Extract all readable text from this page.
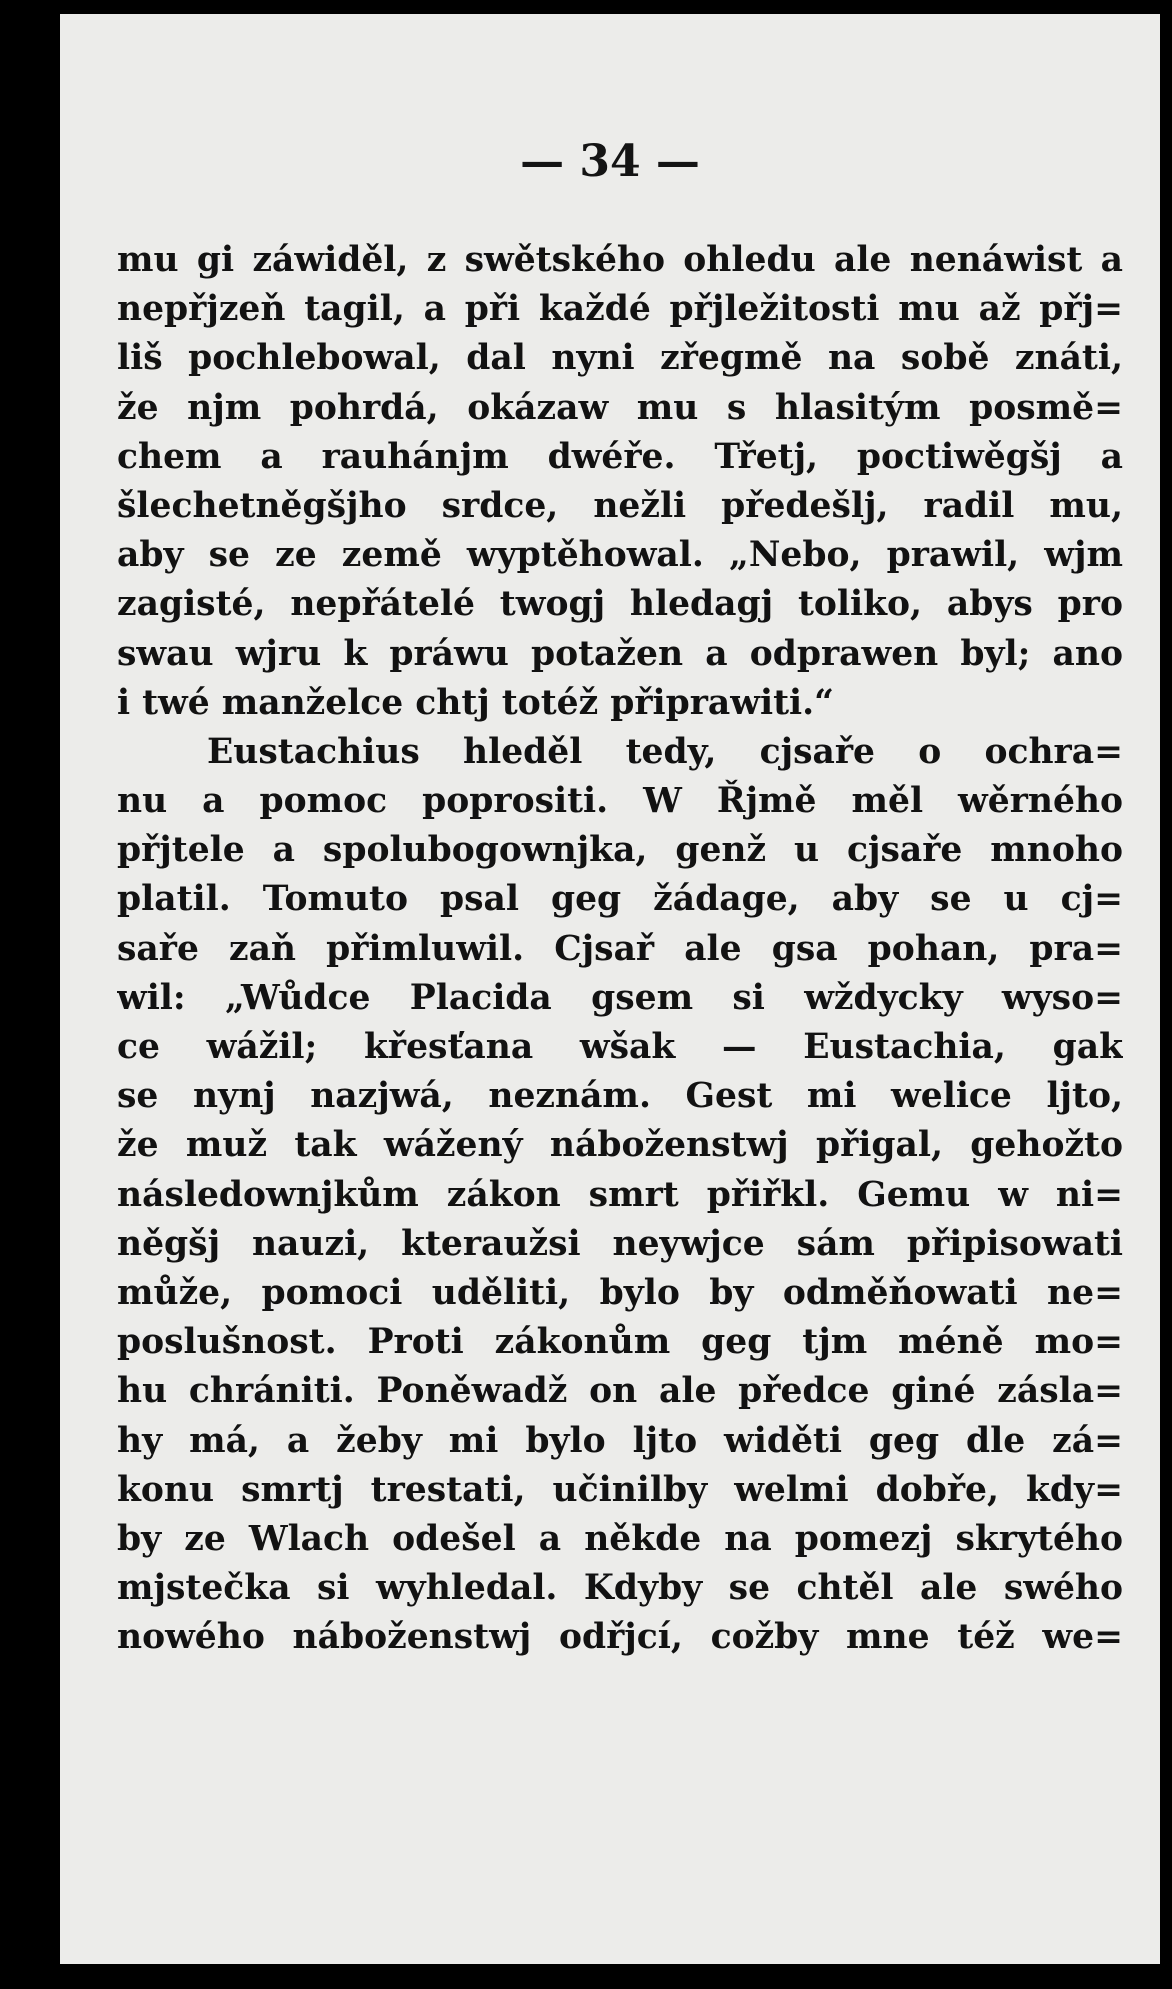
— 34 —
mu gi záwiděl, z swětského ohledu ale nenáwist a
nepřjzeň tagil, a při každé přjležitosti mu až přj=
liš pochlebowal, dal nyni zřegmě na sobě znáti,
že njm pohrdá, okázaw mu s hlasitým posmě=
chem a rauhánjm dwéře. Třetj, poctiwěgšj a
šlechetněgšjho srdce, nežli předešlj, radil mu,
aby se ze země wyptěhowal. „Nebo, prawil, wjm
zagisté, nepřátelé twogj hledagj toliko, abys pro
swau wjru k práwu potažen a odprawen byl; ano
i twé manželce chtj totéž připrawiti.“
Eustachius hleděl tedy, cjsaře o ochra=
nu a pomoc poprositi. W Řjmě měl wěrného
přjtele a spolubogownjka, genž u cjsaře mnoho
platil. Tomuto psal geg žádage, aby se u cj=
saře zaň přimluwil. Cjsař ale gsa pohan, pra=
wil: „Wůdce Placida gsem si wždycky wyso=
ce wážil; křesťana wšak — Eustachia, gak
se nynj nazjwá, neznám. Gest mi welice ljto,
že muž tak wážený náboženstwj přigal, gehožto
následownjkům zákon smrt přiřkl. Gemu w ni=
něgšj nauzi, kteraužsi neywjce sám připisowati
může, pomoci uděliti, bylo by odměňowati ne=
poslušnost. Proti zákonům geg tjm méně mo=
hu chrániti. Poněwadž on ale předce giné zásla=
hy má, a žeby mi bylo ljto widěti geg dle zá=
konu smrtj trestati, učinilby welmi dobře, kdy=
by ze Wlach odešel a někde na pomezj skrytého
mjstečka si wyhledal. Kdyby se chtěl ale swého
nowého náboženstwj odřjcí, cožby mne též we=
